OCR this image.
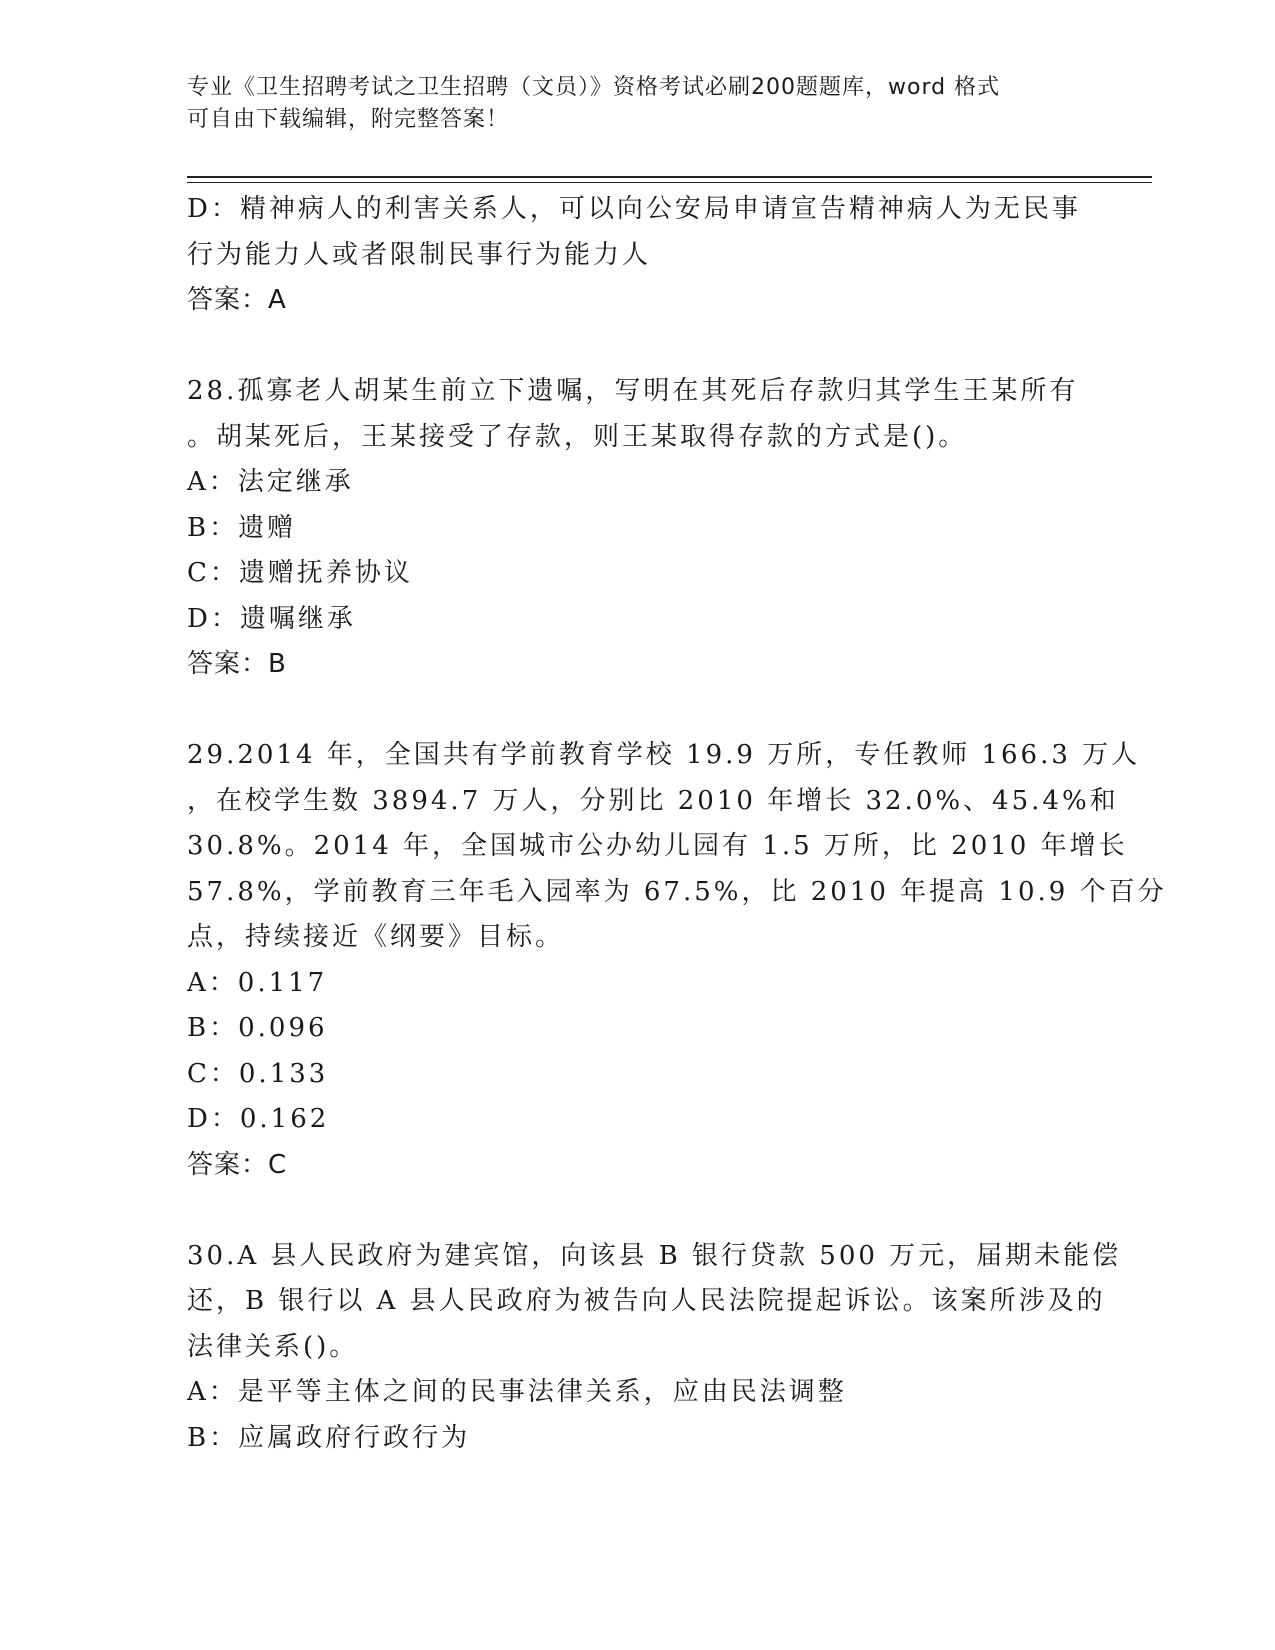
专业《卫生招聘考试之卫生招聘（文员）》资格考试必刷200题题库，word 格式
可自由下载编辑，附完整答案！
D：精神病人的利害关系人，可以向公安局申请宣告精神病人为无民事
行为能力人或者限制民事行为能力人
答案：A
28.孤寡老人胡某生前立下遗嘱，写明在其死后存款归其学生王某所有
。胡某死后，王某接受了存款，则王某取得存款的方式是()。
A：法定继承
B：遗赠
C：遗赠抚养协议
D：遗嘱继承
答案：B
29.2014 年，全国共有学前教育学校 19.9 万所，专任教师 166.3 万人
，在校学生数 3894.7 万人，分别比 2010 年增长 32.0%、45.4%和
30.8%。2014 年，全国城市公办幼儿园有 1.5 万所，比 2010 年增长
57.8%，学前教育三年毛入园率为 67.5%，比 2010 年提高 10.9 个百分
点，持续接近《纲要》目标。
A：0.117
B：0.096
C：0.133
D：0.162
答案：C
30.A 县人民政府为建宾馆，向该县 B 银行贷款 500 万元，届期未能偿
还，B 银行以 A 县人民政府为被告向人民法院提起诉讼。该案所涉及的
法律关系()。
A：是平等主体之间的民事法律关系，应由民法调整
B：应属政府行政行为
